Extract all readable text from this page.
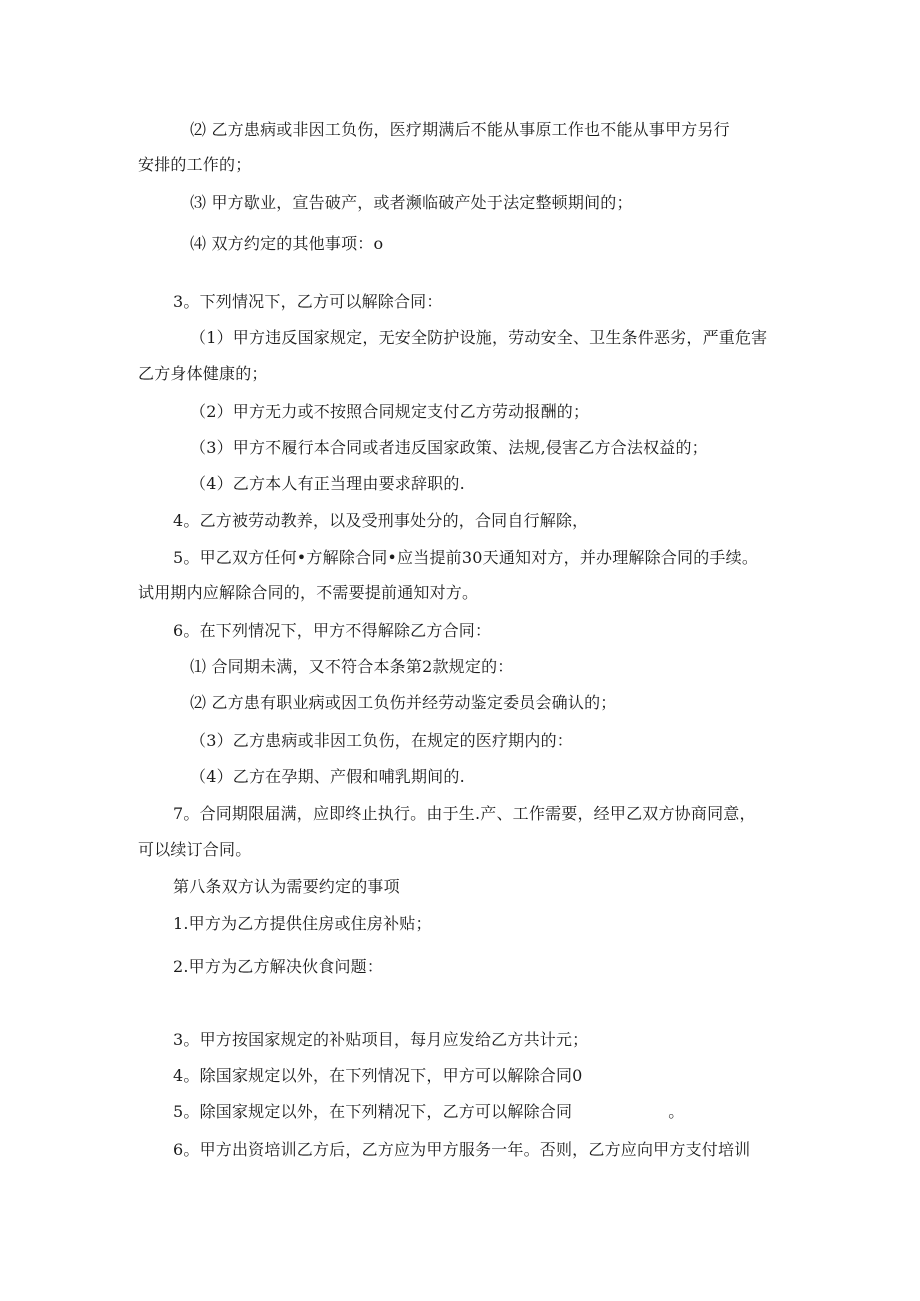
⑵ 乙方患病或非因工负伤，医疗期满后不能从事原工作也不能从事甲方另行

安排的工作的；

⑶ 甲方歇业，宣告破产，或者濒临破产处于法定整顿期间的；

⑷ 双方约定的其他事项：o

3。下列情况下，乙方可以解除合同：

（1）甲方违反国家规定，无安全防护设施，劳动安全、卫生条件恶劣，严重危害

乙方身体健康的；

（2）甲方无力或不按照合同规定支付乙方劳动报酬的；

（3）甲方不履行本合同或者违反国家政策、法规,侵害乙方合法权益的；

（4）乙方本人有正当理由要求辞职的.

4。乙方被劳动教养，以及受刑事处分的，合同自行解除，

5。甲乙双方任何•方解除合同•应当提前30天通知对方，并办理解除合同的手续。

试用期内应解除合同的，不需要提前通知对方。

6。在下列情况下，甲方不得解除乙方合同：

⑴ 合同期未满，又不符合本条第2款规定的：

⑵ 乙方患有职业病或因工负伤并经劳动鉴定委员会确认的；

（3）乙方患病或非因工负伤，在规定的医疗期内的：

（4）乙方在孕期、产假和哺乳期间的.

7。合同期限届满，应即终止执行。由于生.产、工作需要，经甲乙双方协商同意，

可以续订合同。

第八条双方认为需要约定的事项

1.甲方为乙方提供住房或住房补贴；

2.甲方为乙方解决伙食问题：

3。甲方按国家规定的补贴项目，每月应发给乙方共计元；

4。除国家规定以外，在下列情况下，甲方可以解除合同0

5。除国家规定以外，在下列精况下，乙方可以解除合同	。

6。甲方出资培训乙方后，乙方应为甲方服务一年。否则，乙方应向甲方支付培训
